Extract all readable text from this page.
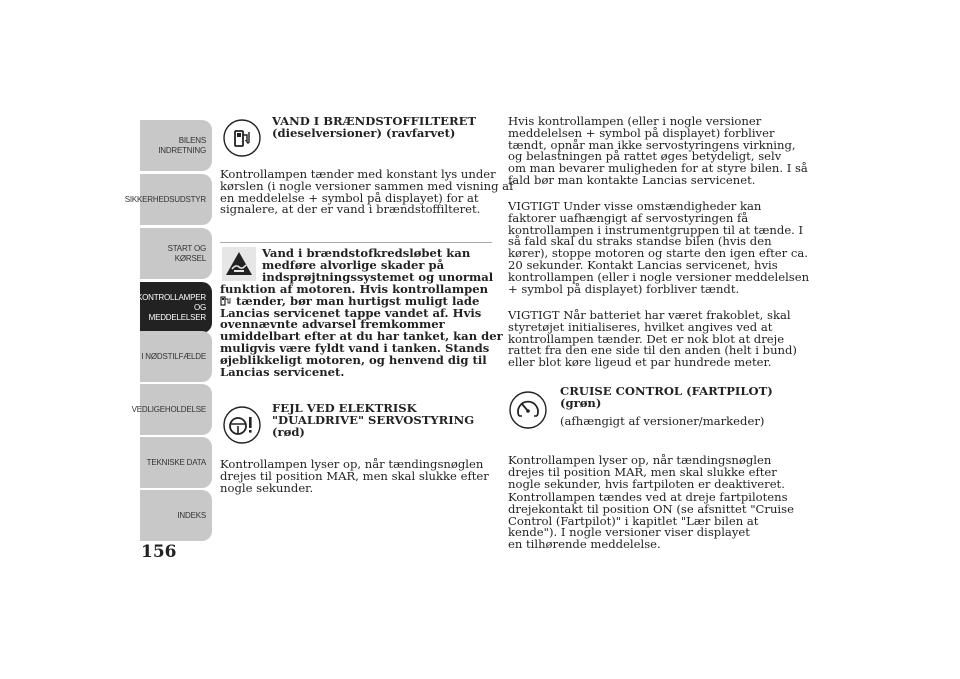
BILENS
INDRETNING
SIKKERHEDSUDSTYR
START OG KØRSEL
KONTROLLAMPER
OG MEDDELELSER
I NØDSTILFÆLDE
VEDLIGEHOLDELSE
TEKNISKE DATA
INDEKS
156
VAND I BRÆNDSTOFFILTERET
(dieselversioner) (ravfarvet)
Kontrollampen tænder med konstant lys under
kørslen (i nogle versioner sammen med visning af
en meddelelse + symbol på displayet) for at
signalere, at der er vand i brændstoffilteret.
Vand i brændstofkredsløbet kan
medføre alvorlige skader på
indsprøjtningssystemet og unormal
funktion af motoren. Hvis kontrollampen
tænder, bør man hurtigst muligt lade
Lancias servicenet tappe vandet af. Hvis
ovennævnte advarsel fremkommer
umiddelbart efter at du har tanket, kan der
muligvis være fyldt vand i tanken. Stands
øjeblikkeligt motoren, og henvend dig til
Lancias servicenet.
FEJL VED ELEKTRISK
"DUALDRIVE" SERVOSTYRING
(rød)
Kontrollampen lyser op, når tændingsnøglen
drejes til position MAR, men skal slukke efter
nogle sekunder.
Hvis kontrollampen (eller i nogle versioner
meddelelsen + symbol på displayet) forbliver
tændt, opnår man ikke servostyringens virkning,
og belastningen på rattet øges betydeligt, selv
om man bevarer muligheden for at styre bilen. I så
fald bør man kontakte Lancias servicenet.
VIGTIGT Under visse omstændigheder kan
faktorer uafhængigt af servostyringen få
kontrollampen i instrumentgruppen til at tænde. I
så fald skal du straks standse bilen (hvis den
kører), stoppe motoren og starte den igen efter ca.
20 sekunder. Kontakt Lancias servicenet, hvis
kontrollampen (eller i nogle versioner meddelelsen
+ symbol på displayet) forbliver tændt.
VIGTIGT Når batteriet har været frakoblet, skal
styretøjet initialiseres, hvilket angives ved at
kontrollampen tænder. Det er nok blot at dreje
rattet fra den ene side til den anden (helt i bund)
eller blot køre ligeud et par hundrede meter.
CRUISE CONTROL (FARTPILOT)
(grøn)
(afhængigt af versioner/markeder)
Kontrollampen lyser op, når tændingsnøglen
drejes til position MAR, men skal slukke efter
nogle sekunder, hvis fartpiloten er deaktiveret.
Kontrollampen tændes ved at dreje fartpilotens
drejekontakt til position ON (se afsnittet "Cruise
Control (Fartpilot)" i kapitlet "Lær bilen at
kende"). I nogle versioner viser displayet
en tilhørende meddelelse.
